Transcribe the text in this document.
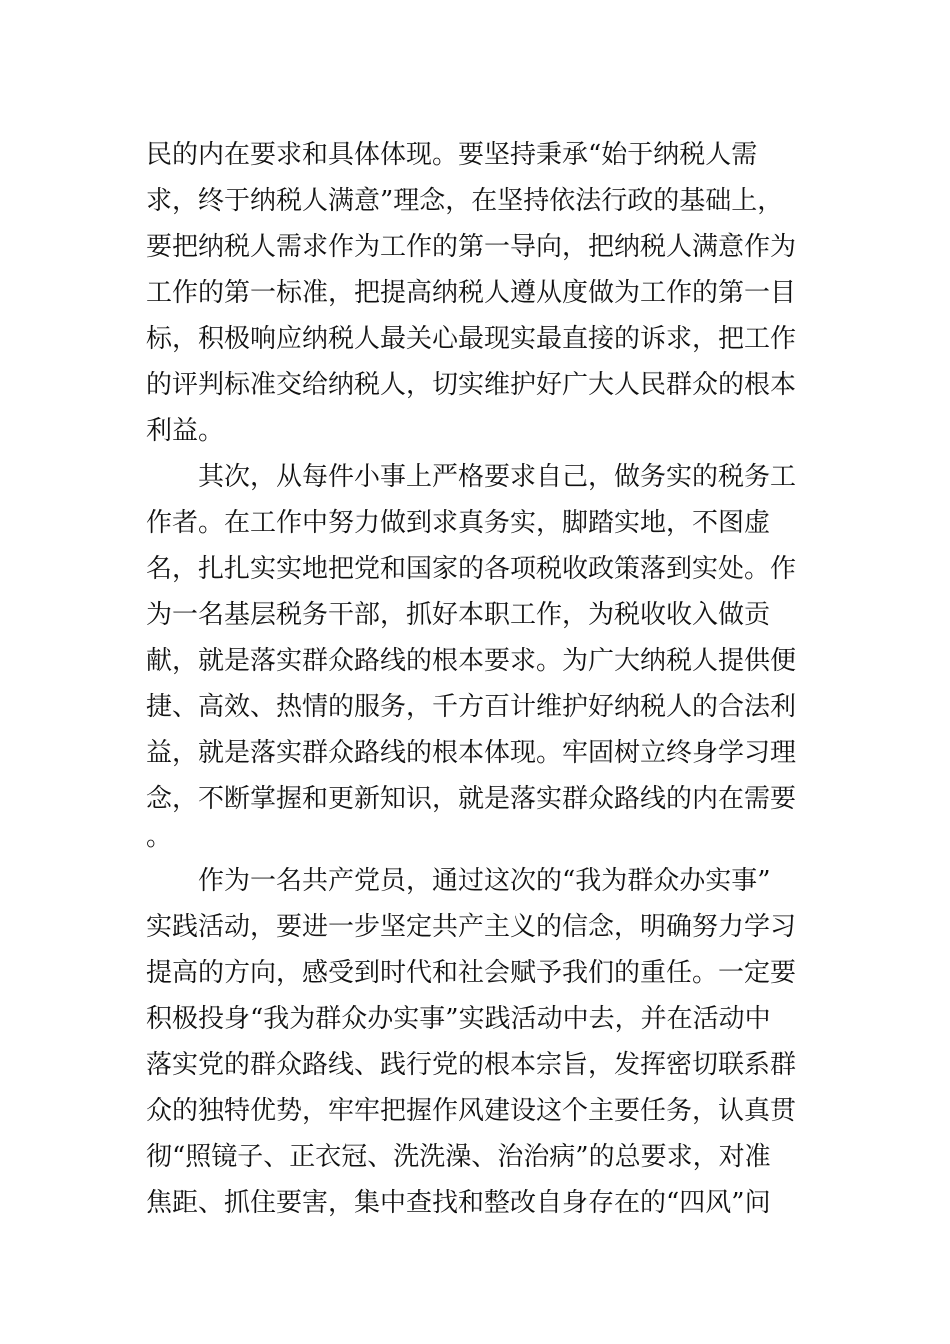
民的内在要求和具体体现。要坚持秉承“始于纳税人需

求，终于纳税人满意”理念，在坚持依法行政的基础上，

要把纳税人需求作为工作的第一导向，把纳税人满意作为

工作的第一标准，把提高纳税人遵从度做为工作的第一目

标，积极响应纳税人最关心最现实最直接的诉求，把工作

的评判标准交给纳税人，切实维护好广大人民群众的根本

利益。

　　其次，从每件小事上严格要求自己，做务实的税务工

作者。在工作中努力做到求真务实，脚踏实地，不图虚

名，扎扎实实地把党和国家的各项税收政策落到实处。作

为一名基层税务干部，抓好本职工作，为税收收入做贡

献，就是落实群众路线的根本要求。为广大纳税人提供便

捷、高效、热情的服务，千方百计维护好纳税人的合法利

益，就是落实群众路线的根本体现。牢固树立终身学习理

念，不断掌握和更新知识，就是落实群众路线的内在需要

。

　　作为一名共产党员，通过这次的“我为群众办实事”

实践活动，要进一步坚定共产主义的信念，明确努力学习

提高的方向，感受到时代和社会赋予我们的重任。一定要

积极投身“我为群众办实事”实践活动中去，并在活动中

落实党的群众路线、践行党的根本宗旨，发挥密切联系群

众的独特优势，牢牢把握作风建设这个主要任务，认真贯

彻“照镜子、正衣冠、洗洗澡、治治病”的总要求，对准

焦距、抓住要害，集中查找和整改自身存在的“四风”问
